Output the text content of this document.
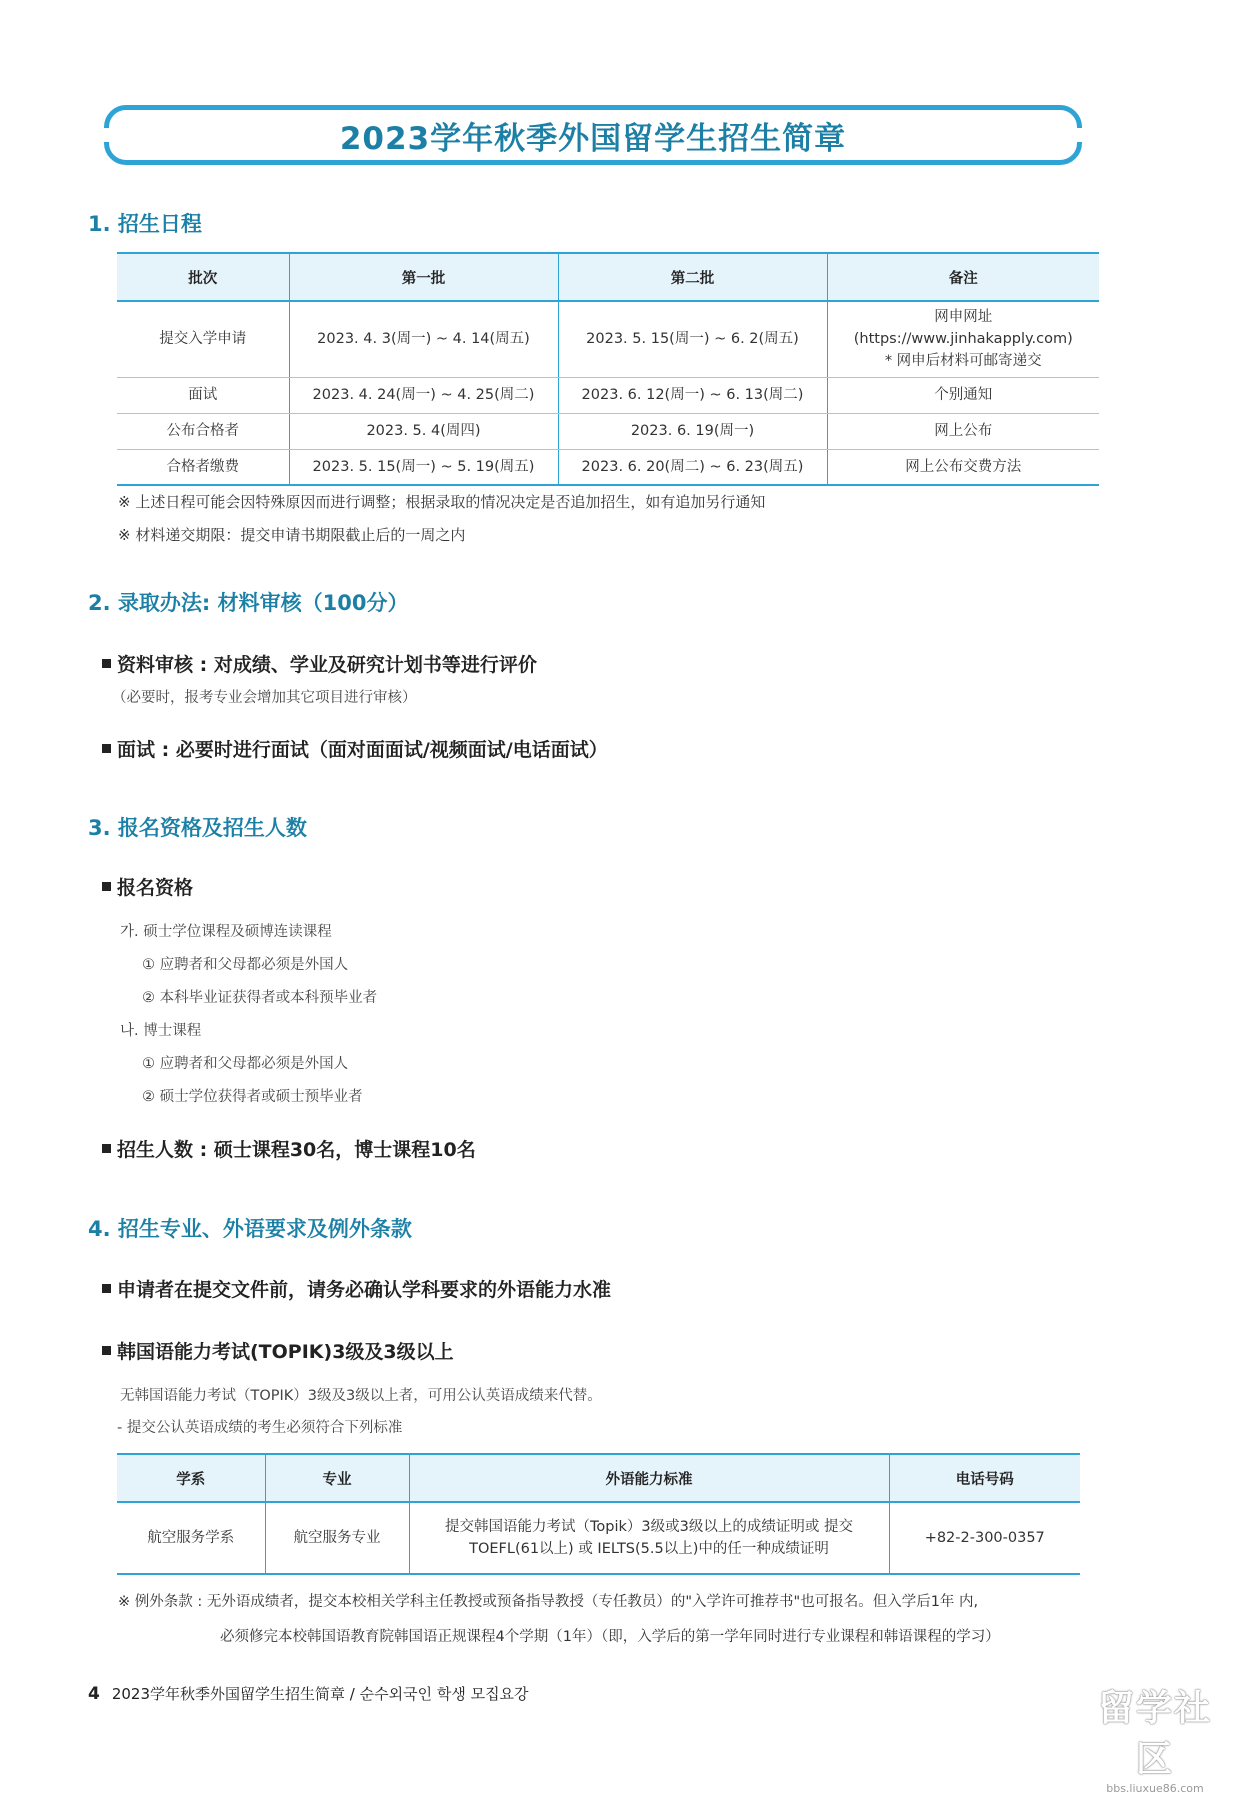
2023学年秋季外国留学生招生简章
1. 招生日程
批次	第一批	第二批	备注
提交入学申请	2023. 4. 3(周一) ~ 4. 14(周五)	2023. 5. 15(周一) ~ 6. 2(周五)	网申网址
(https://www.jinhakapply.com)
* 网申后材料可邮寄递交

面试	2023. 4. 24(周一) ~ 4. 25(周二)	2023. 6. 12(周一) ~ 6. 13(周二)	个别通知
公布合格者	2023. 5. 4(周四)	2023. 6. 19(周一)	网上公布
合格者缴费	2023. 5. 15(周一) ~ 5. 19(周五)	2023. 6. 20(周二) ~ 6. 23(周五)	网上公布交费方法
※ 上述日程可能会因特殊原因而进行调整；根据录取的情况决定是否追加招生，如有追加另行通知
※ 材料递交期限：提交申请书期限截止后的一周之内
2. 录取办法: 材料审核（100分）
资料审核 : 对成绩、学业及研究计划书等进行评价
（必要时，报考专业会增加其它项目进行审核）
面试 : 必要时进行面试（面对面面试/视频面试/电话面试）
3. 报名资格及招生人数
报名资格
가. 硕士学位课程及硕博连读课程
① 应聘者和父母都必须是外国人
② 本科毕业证获得者或本科预毕业者
나. 博士课程
① 应聘者和父母都必须是外国人
② 硕士学位获得者或硕士预毕业者
招生人数 : 硕士课程30名，博士课程10名
4. 招生专业、外语要求及例外条款
申请者在提交文件前，请务必确认学科要求的外语能力水准
韩国语能力考试(TOPIK)3级及3级以上
无韩国语能力考试（TOPIK）3级及3级以上者，可用公认英语成绩来代替。
- 提交公认英语成绩的考生必须符合下列标准
学系	专业	外语能力标准	电话号码
航空服务学系	航空服务专业	提交韩国语能力考试（Topik）3级或3级以上的成绩证明或 提交
TOEFL(61以上) 或 IELTS(5.5以上)中的任一种成绩证明	+82-2-300-0357
※ 例外条款 : 无外语成绩者，提交本校相关学科主任教授或预备指导教授（专任教员）的"入学许可推荐书"也可报名。但入学后1年 内,
必须修完本校韩国语教育院韩国语正规课程4个学期（1年）（即，入学后的第一学年同时进行专业课程和韩语课程的学习）
4 2023学年秋季外国留学生招生简章 / 순수외국인 학생 모집요강	留学社区
bbs.liuxue86.com
